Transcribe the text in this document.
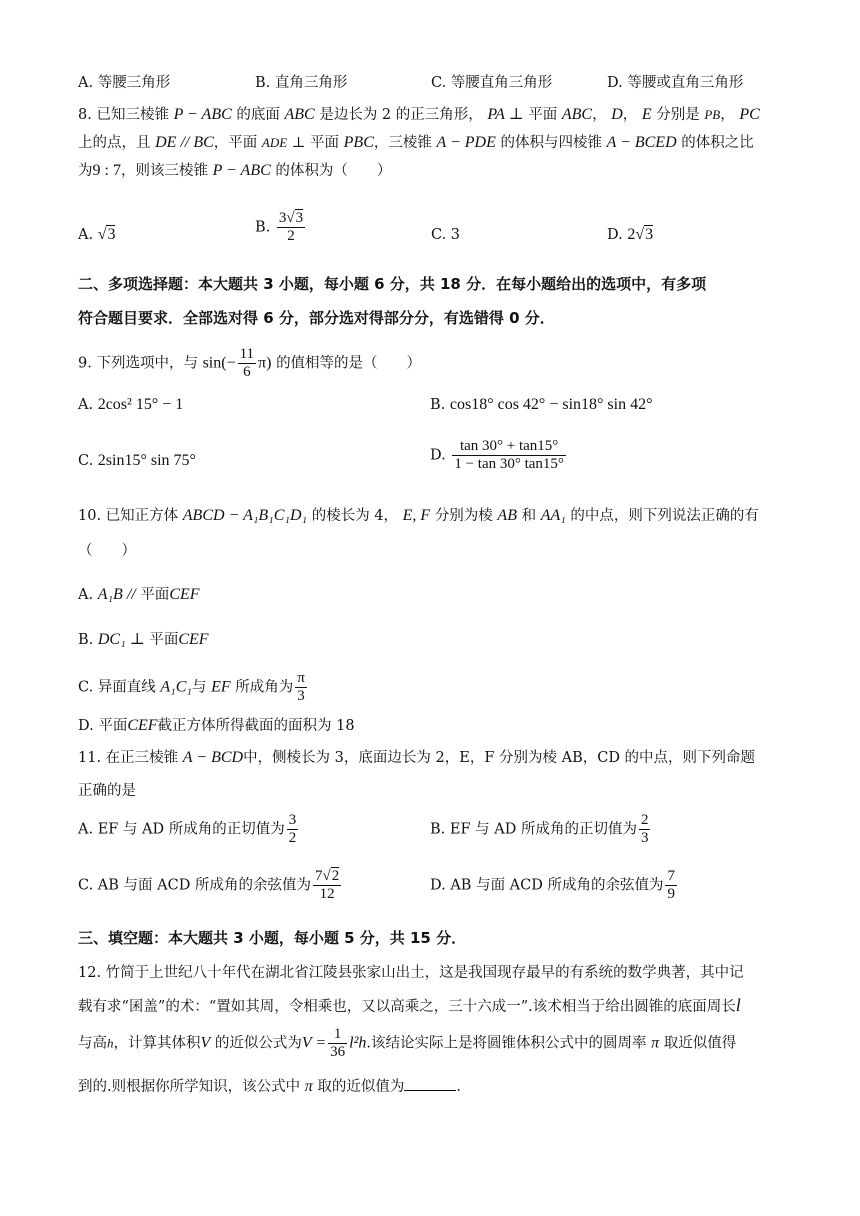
A. 等腰三角形	B. 直角三角形	C. 等腰直角三角形	D. 等腰或直角三角形
8. 已知三棱锥 P − ABC 的底面 ABC 是边长为 2 的正三角形， PA ⊥ 平面 ABC， D， E 分别是 PB， PC
上的点，且 DE // BC，平面 ADE ⊥ 平面 PBC，三棱锥 A − PDE 的体积与四棱锥 A − BCED 的体积之比
为9 : 7，则该三棱锥 P − ABC 的体积为（　　）
A. √3	B. $\frac{3√3}{2}$	C. 3	D. 2√3
二、多项选择题：本大题共 3 小题，每小题 6 分，共 18 分．在每小题给出的选项中，有多项
符合题目要求．全部选对得 6 分，部分选对得部分分，有选错得 0 分．
9. 下列选项中，与 $\sin(- \frac{11}{6} \pi)$ 的值相等的是（　　）
A. 2cos² 15° − 1	B. cos18° cos 42° − sin18° sin 42°
C. 2sin15° sin 75°	D. $\frac{\tan 30^\circ + \tan 15^\circ}{1 - \tan 30^\circ \tan 15^\circ}$
10. 已知正方体 ABCD − A₁B₁C₁D₁ 的棱长为 4， E, F 分别为棱 AB 和 AA₁ 的中点，则下列说法正确的有
（　　）
A. A₁B // 平面CEF
B. DC₁ ⊥ 平面CEF
C. 异面直线 A₁C₁与 EF 所成角为 $\frac{\pi}{3}$
D. 平面CEF截正方体所得截面的面积为 18
11. 在正三棱锥 A − BCD中，侧棱长为 3，底面边长为 2，E，F 分别为棱 AB，CD 的中点，则下列命题
正确的是
A. EF 与 AD 所成角的正切值为 $\frac{3}{2}$	B. EF 与 AD 所成角的正切值为 $\frac{2}{3}$
C. AB 与面 ACD 所成角的余弦值为 $\frac{7√2}{12}$	D. AB 与面 ACD 所成角的余弦值为 $\frac{7}{9}$
三、填空题：本大题共 3 小题，每小题 5 分，共 15 分．
12. 竹简于上世纪八十年代在湖北省江陵县张家山出土，这是我国现存最早的有系统的数学典著，其中记
载有求“囷盖”的术：“置如其周，令相乘也，又以高乘之，三十六成一”.该术相当于给出圆锥的底面周长l
与高h，计算其体积V 的近似公式为$V = \frac{1}{36} l^2h$.该结论实际上是将圆锥体积公式中的圆周率 π 取近似值得
到的.则根据你所学知识，该公式中 π 取的近似值为	.
